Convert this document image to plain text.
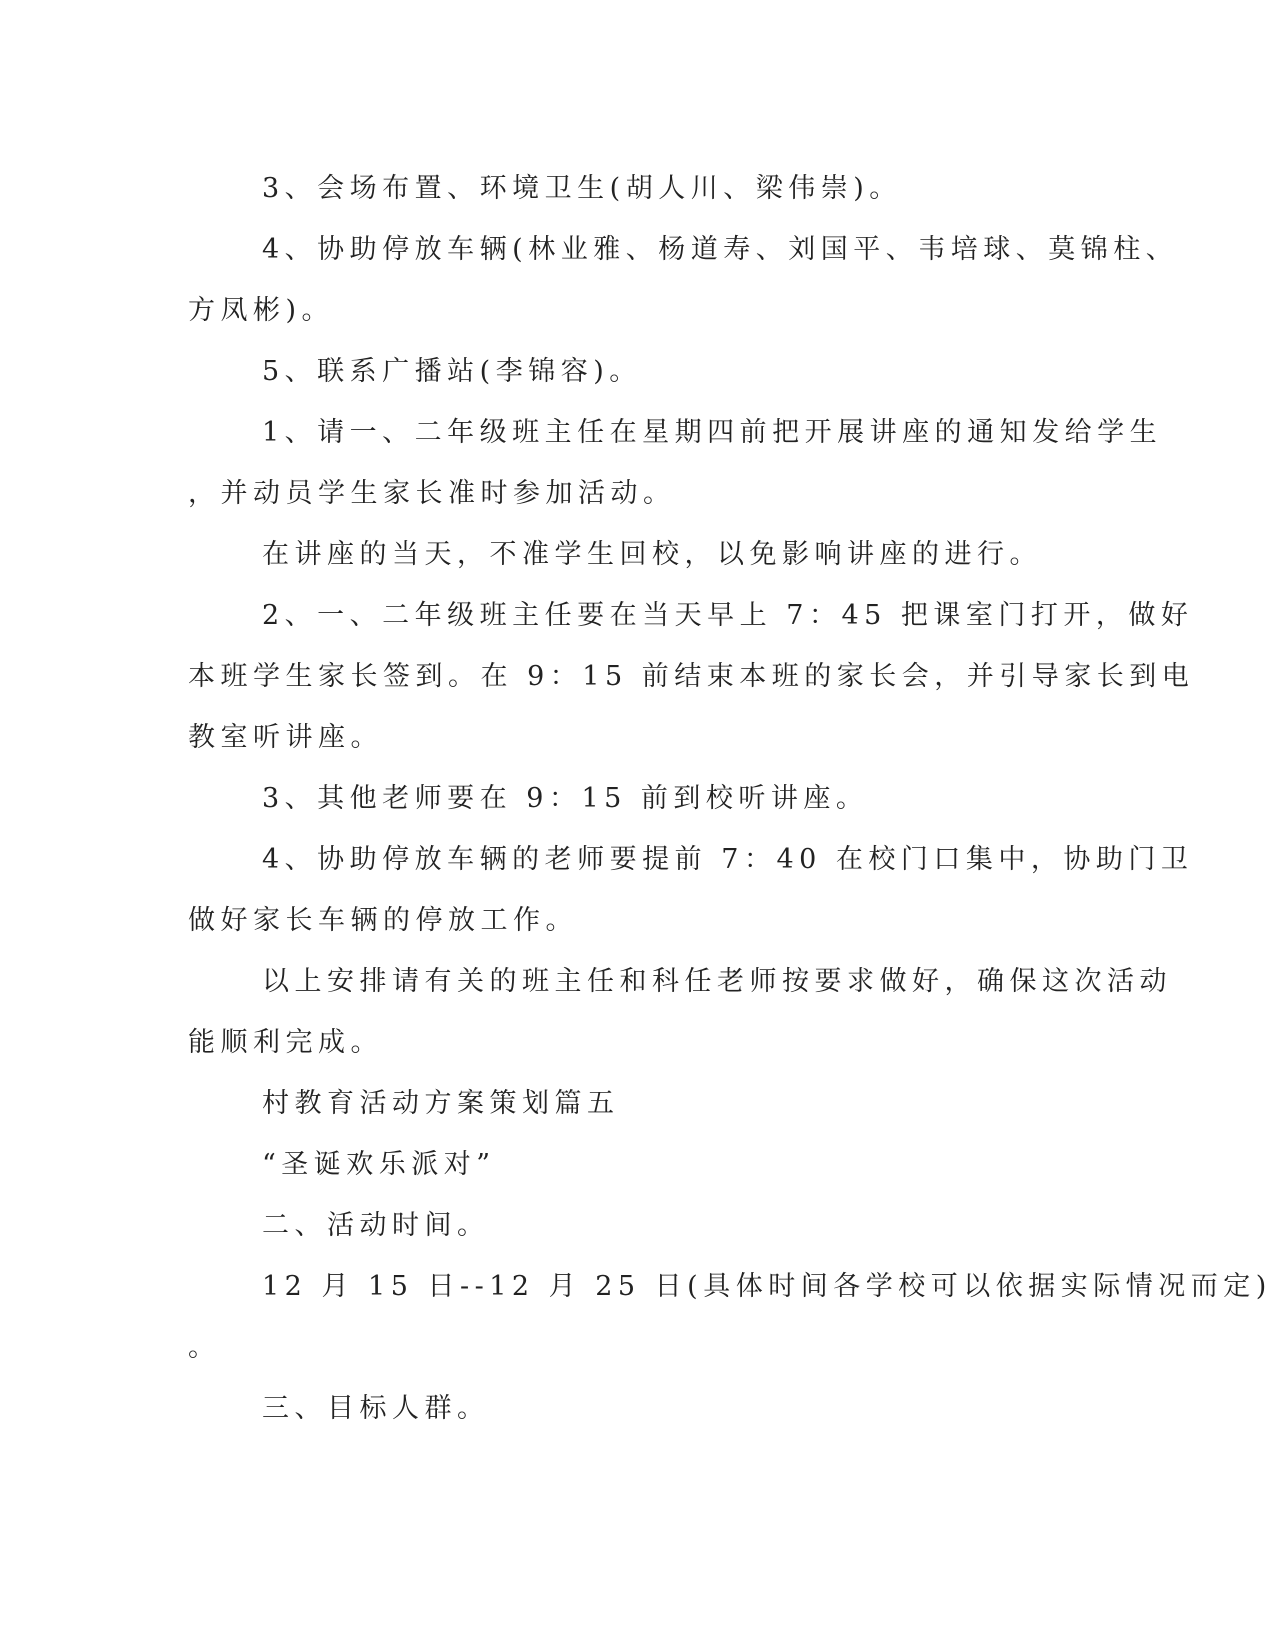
3、会场布置、环境卫生(胡人川、梁伟崇)。
4、协助停放车辆(林业雅、杨道寿、刘国平、韦培球、莫锦柱、
方凤彬)。
5、联系广播站(李锦容)。
1、请一、二年级班主任在星期四前把开展讲座的通知发给学生
，并动员学生家长准时参加活动。
在讲座的当天，不准学生回校，以免影响讲座的进行。
2、一、二年级班主任要在当天早上 7：45 把课室门打开，做好
本班学生家长签到。在 9：15 前结束本班的家长会，并引导家长到电
教室听讲座。
3、其他老师要在 9：15 前到校听讲座。
4、协助停放车辆的老师要提前 7：40 在校门口集中，协助门卫
做好家长车辆的停放工作。
以上安排请有关的班主任和科任老师按要求做好，确保这次活动
能顺利完成。
村教育活动方案策划篇五
“圣诞欢乐派对”
二、活动时间。
12 月 15 日--12 月 25 日(具体时间各学校可以依据实际情况而定)
。
三、目标人群。
